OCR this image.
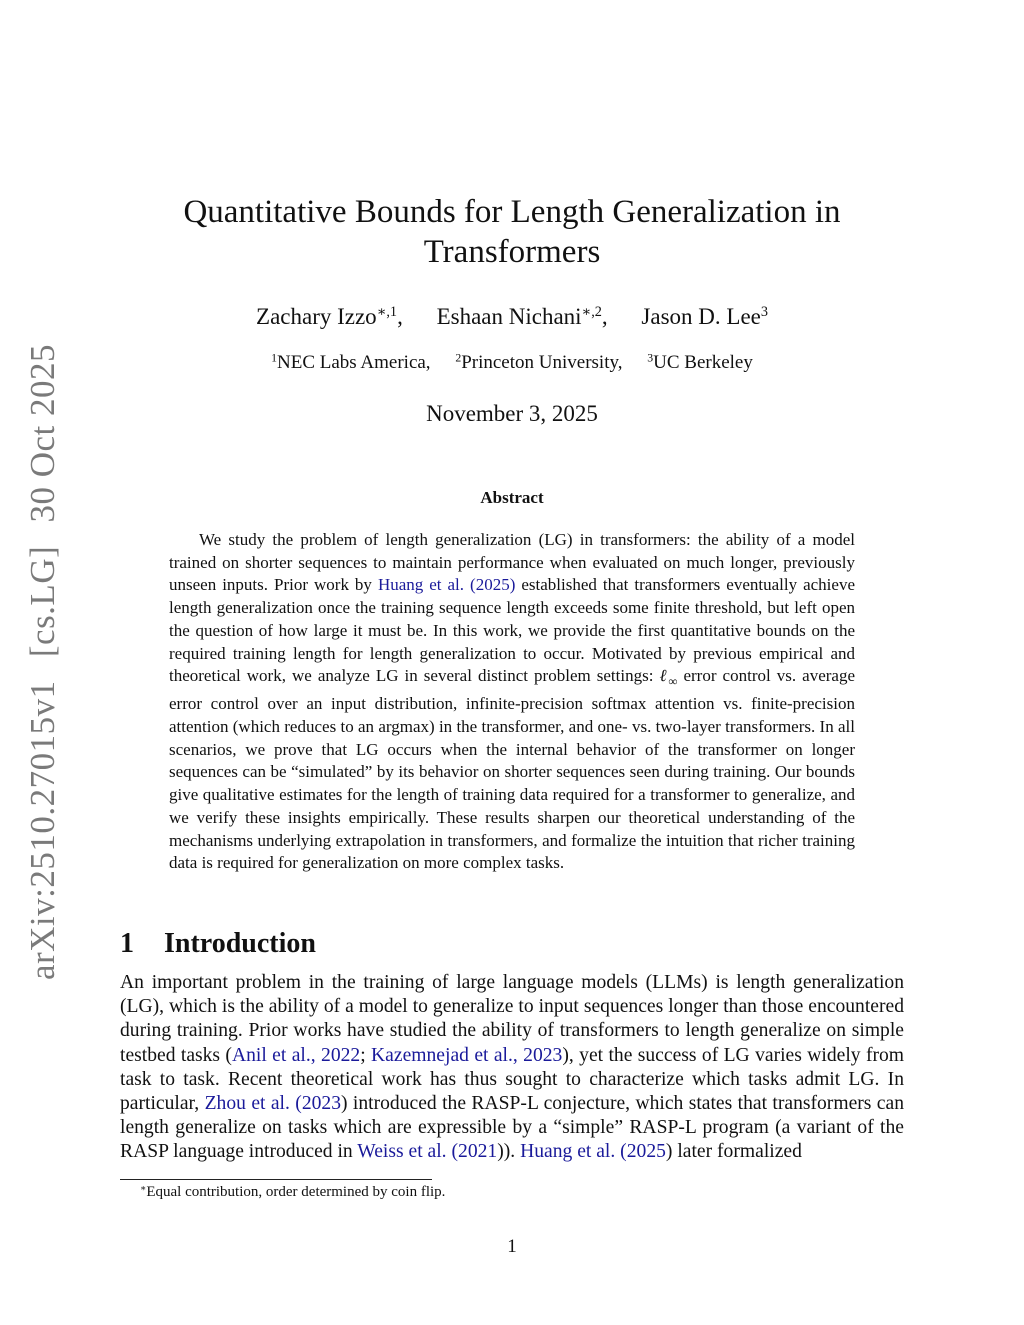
arXiv:2510.27015v1 [cs.LG] 30 Oct 2025
Quantitative Bounds for Length Generalization in
Transformers
Zachary Izzo$^{∗,1}$, Eshaan Nichani$^{∗,2}$, Jason D. Lee$^3$
$^1$NEC Labs America, $^2$Princeton University, $^3$UC Berkeley
November 3, 2025
Abstract
We study the problem of length generalization (LG) in transformers: the ability of a model trained on shorter sequences to maintain performance when evaluated on much longer, previously unseen inputs. Prior work by Huang et al. (2025) established that transformers eventually achieve length generalization once the training sequence length exceeds some finite threshold, but left open the question of how large it must be. In this work, we provide the first quantitative bounds on the required training length for length generalization to occur. Motivated by previous empirical and theoretical work, we analyze LG in several distinct problem settings: ℓ$_\infty$ error control vs. average error control over an input distribution, infinite-precision softmax attention vs. finite-precision attention (which reduces to an argmax) in the transformer, and one- vs. two-layer transformers. In all scenarios, we prove that LG occurs when the internal behavior of the transformer on longer sequences can be “simulated” by its behavior on shorter sequences seen during training. Our bounds give qualitative estimates for the length of training data required for a transformer to generalize, and we verify these insights empirically. These results sharpen our theoretical understanding of the mechanisms underlying extrapolation in transformers, and formalize the intuition that richer training data is required for generalization on more complex tasks.
1 Introduction
An important problem in the training of large language models (LLMs) is length generalization (LG), which is the ability of a model to generalize to input sequences longer than those encountered during training. Prior works have studied the ability of transformers to length generalize on simple testbed tasks (Anil et al., 2022; Kazemnejad et al., 2023), yet the success of LG varies widely from task to task. Recent theoretical work has thus sought to characterize which tasks admit LG. In particular, Zhou et al. (2023) introduced the RASP-L conjecture, which states that transformers can length generalize on tasks which are expressible by a “simple” RASP-L program (a variant of the RASP language introduced in Weiss et al. (2021)). Huang et al. (2025) later formalized
∗Equal contribution, order determined by coin flip.
1
